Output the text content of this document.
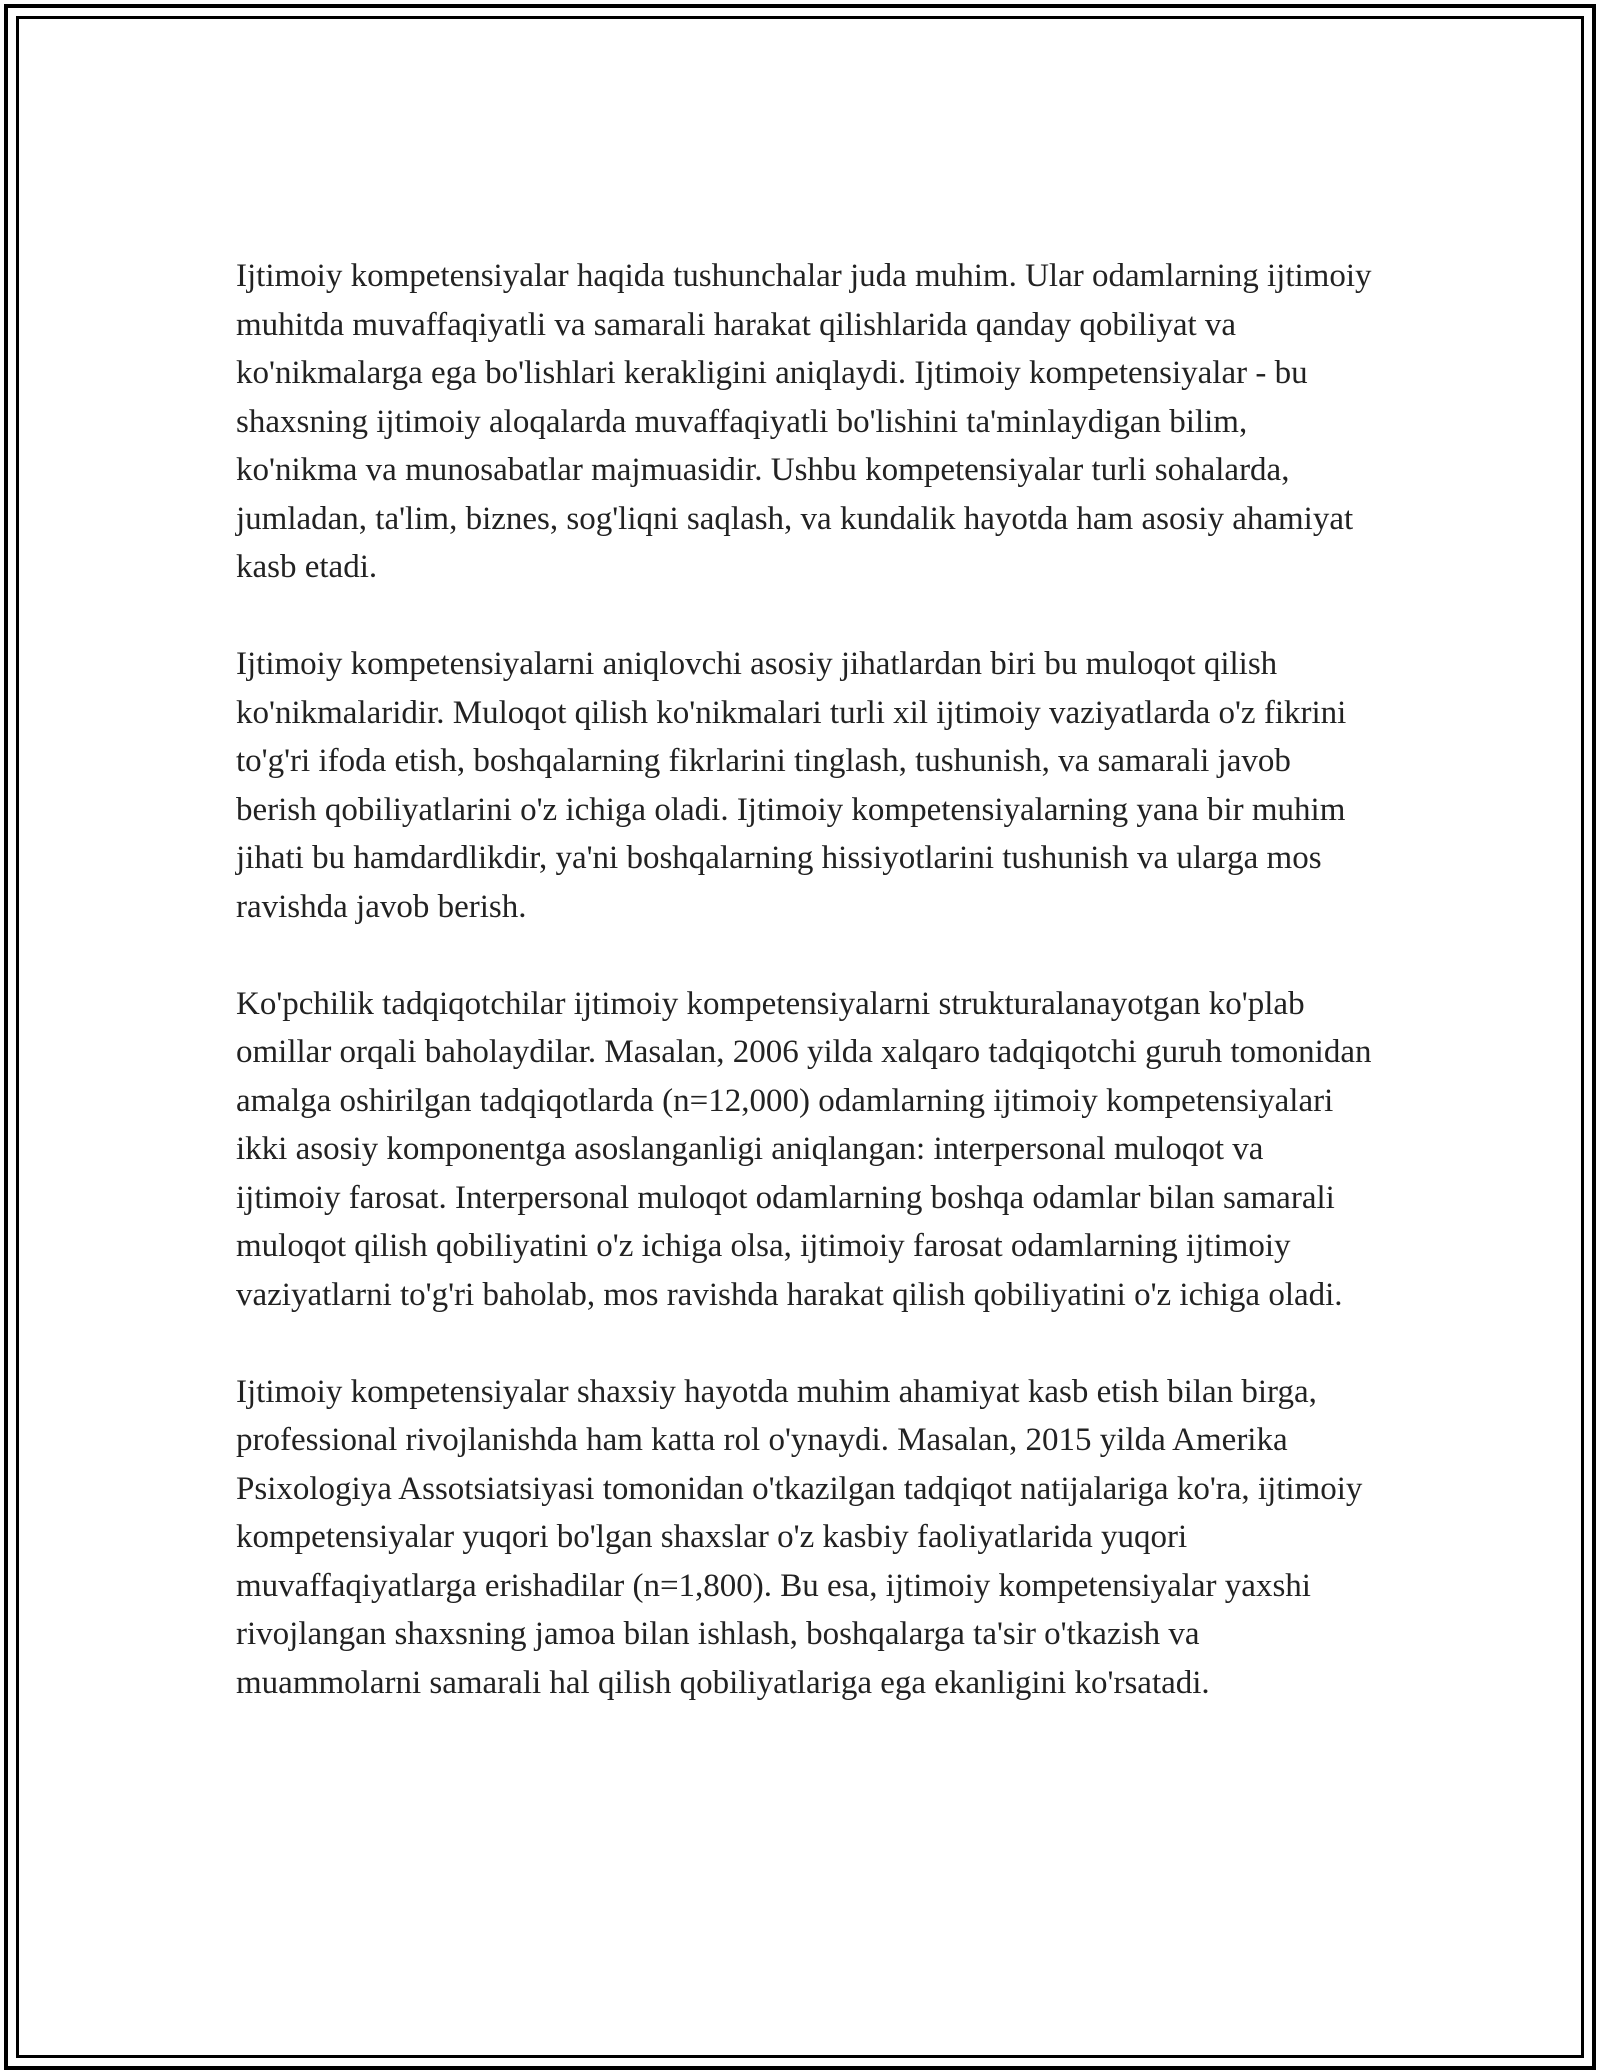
Ijtimoiy kompetensiyalar haqida tushunchalar juda muhim. Ular odamlarning ijtimoiy muhitda muvaffaqiyatli va samarali harakat qilishlarida qanday qobiliyat va ko'nikmalarga ega bo'lishlari kerakligini aniqlaydi. Ijtimoiy kompetensiyalar - bu shaxsning ijtimoiy aloqalarda muvaffaqiyatli bo'lishini ta'minlaydigan bilim, ko'nikma va munosabatlar majmuasidir. Ushbu kompetensiyalar turli sohalarda, jumladan, ta'lim, biznes, sog'liqni saqlash, va kundalik hayotda ham asosiy ahamiyat kasb etadi.

Ijtimoiy kompetensiyalarni aniqlovchi asosiy jihatlardan biri bu muloqot qilish ko'nikmalaridir. Muloqot qilish ko'nikmalari turli xil ijtimoiy vaziyatlarda o'z fikrini to'g'ri ifoda etish, boshqalarning fikrlarini tinglash, tushunish, va samarali javob berish qobiliyatlarini o'z ichiga oladi. Ijtimoiy kompetensiyalarning yana bir muhim jihati bu hamdardlikdir, ya'ni boshqalarning hissiyotlarini tushunish va ularga mos ravishda javob berish.

Ko'pchilik tadqiqotchilar ijtimoiy kompetensiyalarni strukturalanayotgan ko'plab omillar orqali baholaydilar. Masalan, 2006 yilda xalqaro tadqiqotchi guruh tomonidan amalga oshirilgan tadqiqotlarda (n=12,000) odamlarning ijtimoiy kompetensiyalari ikki asosiy komponentga asoslanganligi aniqlangan: interpersonal muloqot va ijtimoiy farosat. Interpersonal muloqot odamlarning boshqa odamlar bilan samarali muloqot qilish qobiliyatini o'z ichiga olsa, ijtimoiy farosat odamlarning ijtimoiy vaziyatlarni to'g'ri baholab, mos ravishda harakat qilish qobiliyatini o'z ichiga oladi.

Ijtimoiy kompetensiyalar shaxsiy hayotda muhim ahamiyat kasb etish bilan birga, professional rivojlanishda ham katta rol o'ynaydi. Masalan, 2015 yilda Amerika Psixologiya Assotsiatsiyasi tomonidan o'tkazilgan tadqiqot natijalariga ko'ra, ijtimoiy kompetensiyalar yuqori bo'lgan shaxslar o'z kasbiy faoliyatlarida yuqori muvaffaqiyatlarga erishadilar (n=1,800). Bu esa, ijtimoiy kompetensiyalar yaxshi rivojlangan shaxsning jamoa bilan ishlash, boshqalarga ta'sir o'tkazish va muammolarni samarali hal qilish qobiliyatlariga ega ekanligini ko'rsatadi.
